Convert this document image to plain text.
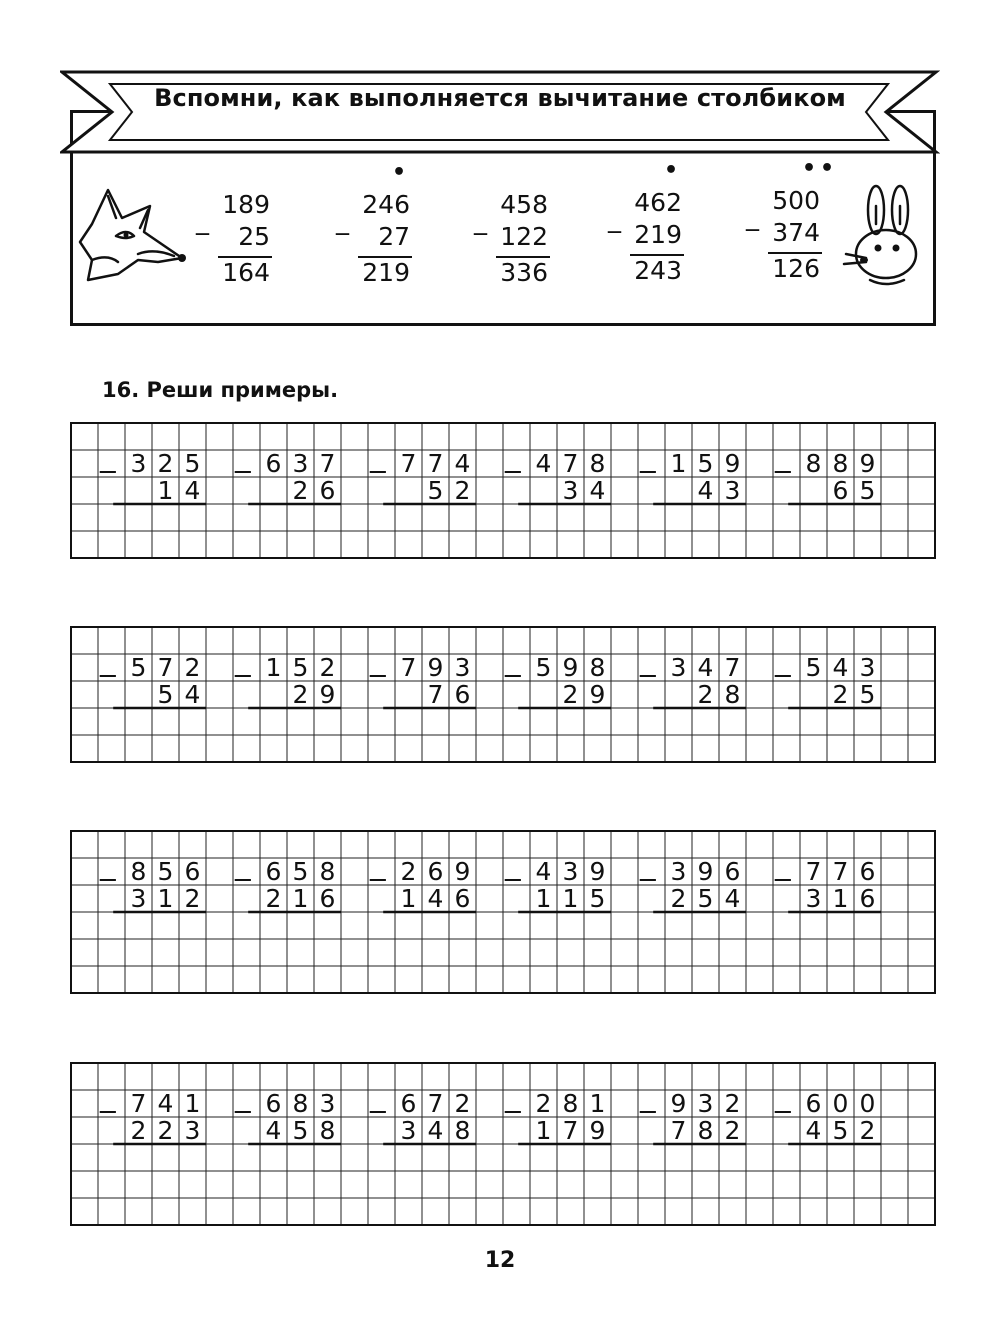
Вспомни, как выполняется вычитание столбиком
_
189
25
164
•
_
246
27
219
_
458
122
336
•
_
462
219
243
••
_
500
374
126
16. Реши примеры.
3 2 5
1 4
6 3 7
2 6
7 7 4
5 2
4 7 8
3 4
1 5 9
4 3
8 8 9
6 5
5 7 2
5 4
1 5 2
2 9
7 9 3
7 6
5 9 8
2 9
3 4 7
2 8
5 4 3
2 5
8 5 6
3 1 2
6 5 8
2 1 6
2 6 9
1 4 6
4 3 9
1 1 5
3 9 6
2 5 4
7 7 6
3 1 6
7 4 1
2 2 3
6 8 3
4 5 8
6 7 2
3 4 8
2 8 1
1 7 9
9 3 2
7 8 2
6 0 0
4 5 2
12
